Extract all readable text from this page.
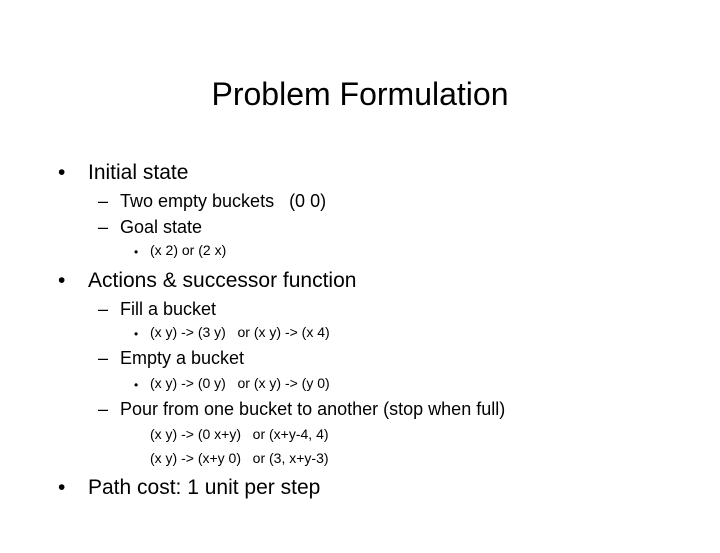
Problem Formulation

•

Initial state

–

Two empty buckets   (0 0)

–

Goal state

•

(x 2) or (2 x)

•

Actions & successor function

–

Fill a bucket

•

(x y) -> (3 y)   or (x y) -> (x 4)

–

Empty a bucket

•

(x y) -> (0 y)   or (x y) -> (y 0)

–

Pour from one bucket to another (stop when full)

(x y) -> (0 x+y)   or (x+y-4, 4)
(x y) -> (x+y 0)   or (3, x+y-3)

•

Path cost: 1 unit per step
